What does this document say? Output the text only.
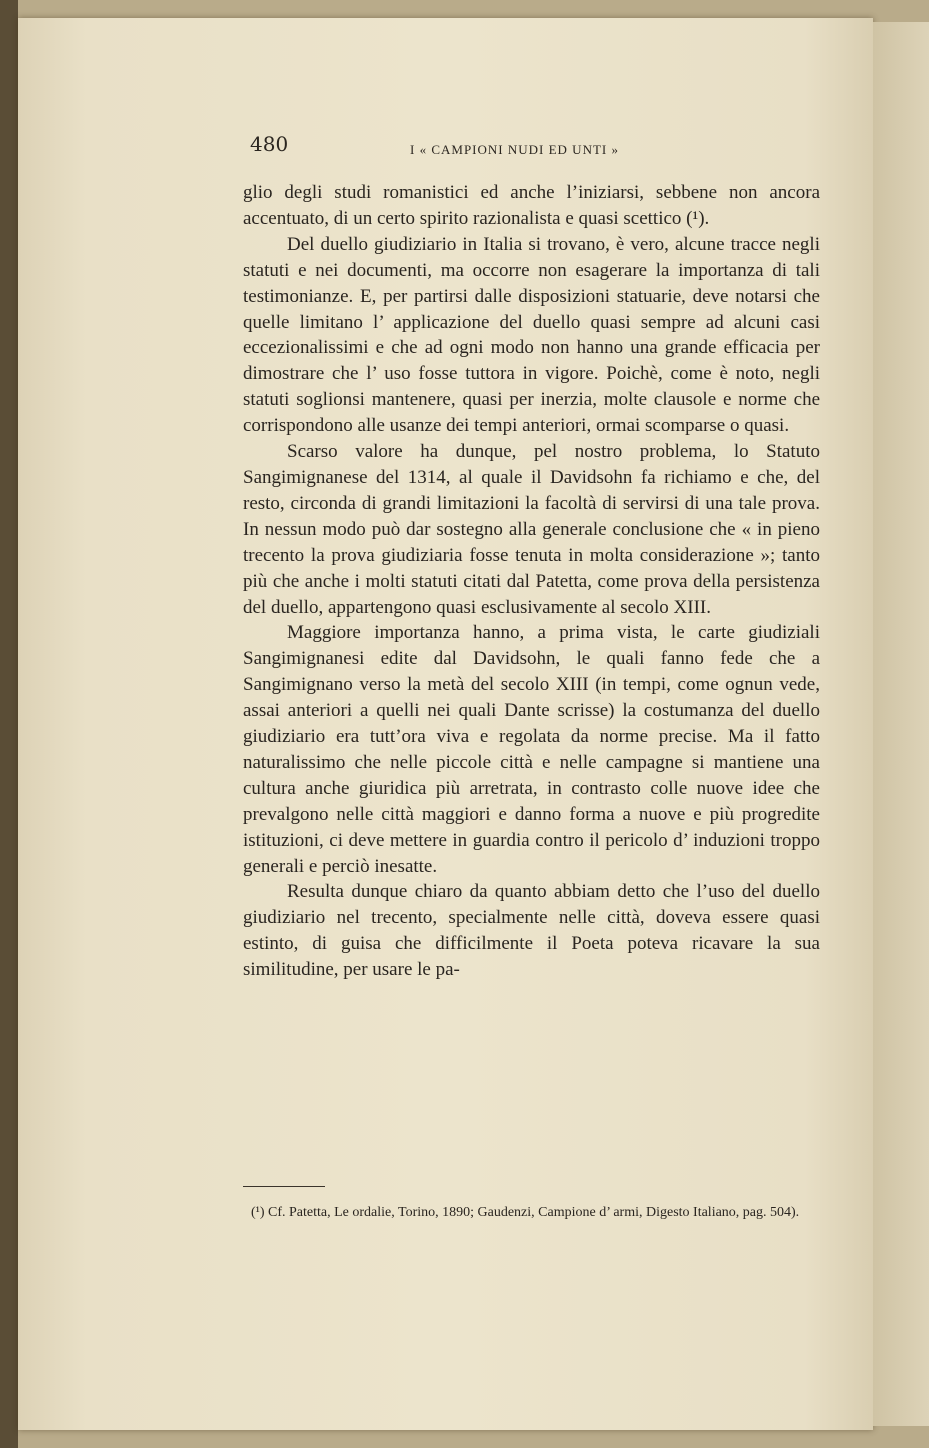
480	I « CAMPIONI NUDI ED UNTI »

glio degli studi romanistici ed anche l’iniziarsi, sebbene non ancora accentuato, di un certo spirito razionalista e quasi scettico (¹).

Del duello giudiziario in Italia si trovano, è vero, alcune tracce negli statuti e nei documenti, ma occorre non esagerare la importanza di tali testimonianze. E, per partirsi dalle disposizioni statuarie, deve notarsi che quelle limitano l’ applicazione del duello quasi sempre ad alcuni casi eccezionalissimi e che ad ogni modo non hanno una grande efficacia per dimostrare che l’ uso fosse tuttora in vigore. Poichè, come è noto, negli statuti soglionsi mantenere, quasi per inerzia, molte clausole e norme che corrispondono alle usanze dei tempi anteriori, ormai scomparse o quasi.

Scarso valore ha dunque, pel nostro problema, lo Statuto Sangimignanese del 1314, al quale il Davidsohn fa richiamo e che, del resto, circonda di grandi limitazioni la facoltà di servirsi di una tale prova. In nessun modo può dar sostegno alla generale conclusione che « in pieno trecento la prova giudiziaria fosse tenuta in molta considerazione »; tanto più che anche i molti statuti citati dal Patetta, come prova della persistenza del duello, appartengono quasi esclusivamente al secolo XIII.

Maggiore importanza hanno, a prima vista, le carte giudiziali Sangimignanesi edite dal Davidsohn, le quali fanno fede che a Sangimignano verso la metà del secolo XIII (in tempi, come ognun vede, assai anteriori a quelli nei quali Dante scrisse) la costumanza del duello giudiziario era tutt’ora viva e regolata da norme precise. Ma il fatto naturalissimo che nelle piccole città e nelle campagne si mantiene una cultura anche giuridica più arretrata, in contrasto colle nuove idee che prevalgono nelle città maggiori e danno forma a nuove e più progredite istituzioni, ci deve mettere in guardia contro il pericolo d’ induzioni troppo generali e perciò inesatte.

Resulta dunque chiaro da quanto abbiam detto che l’uso del duello giudiziario nel trecento, specialmente nelle città, doveva essere quasi estinto, di guisa che difficilmente il Poeta poteva ricavare la sua similitudine, per usare le pa-

(¹) Cf. Patetta, Le ordalie, Torino, 1890; Gaudenzi, Campione d’ armi, Digesto Italiano, pag. 504).
